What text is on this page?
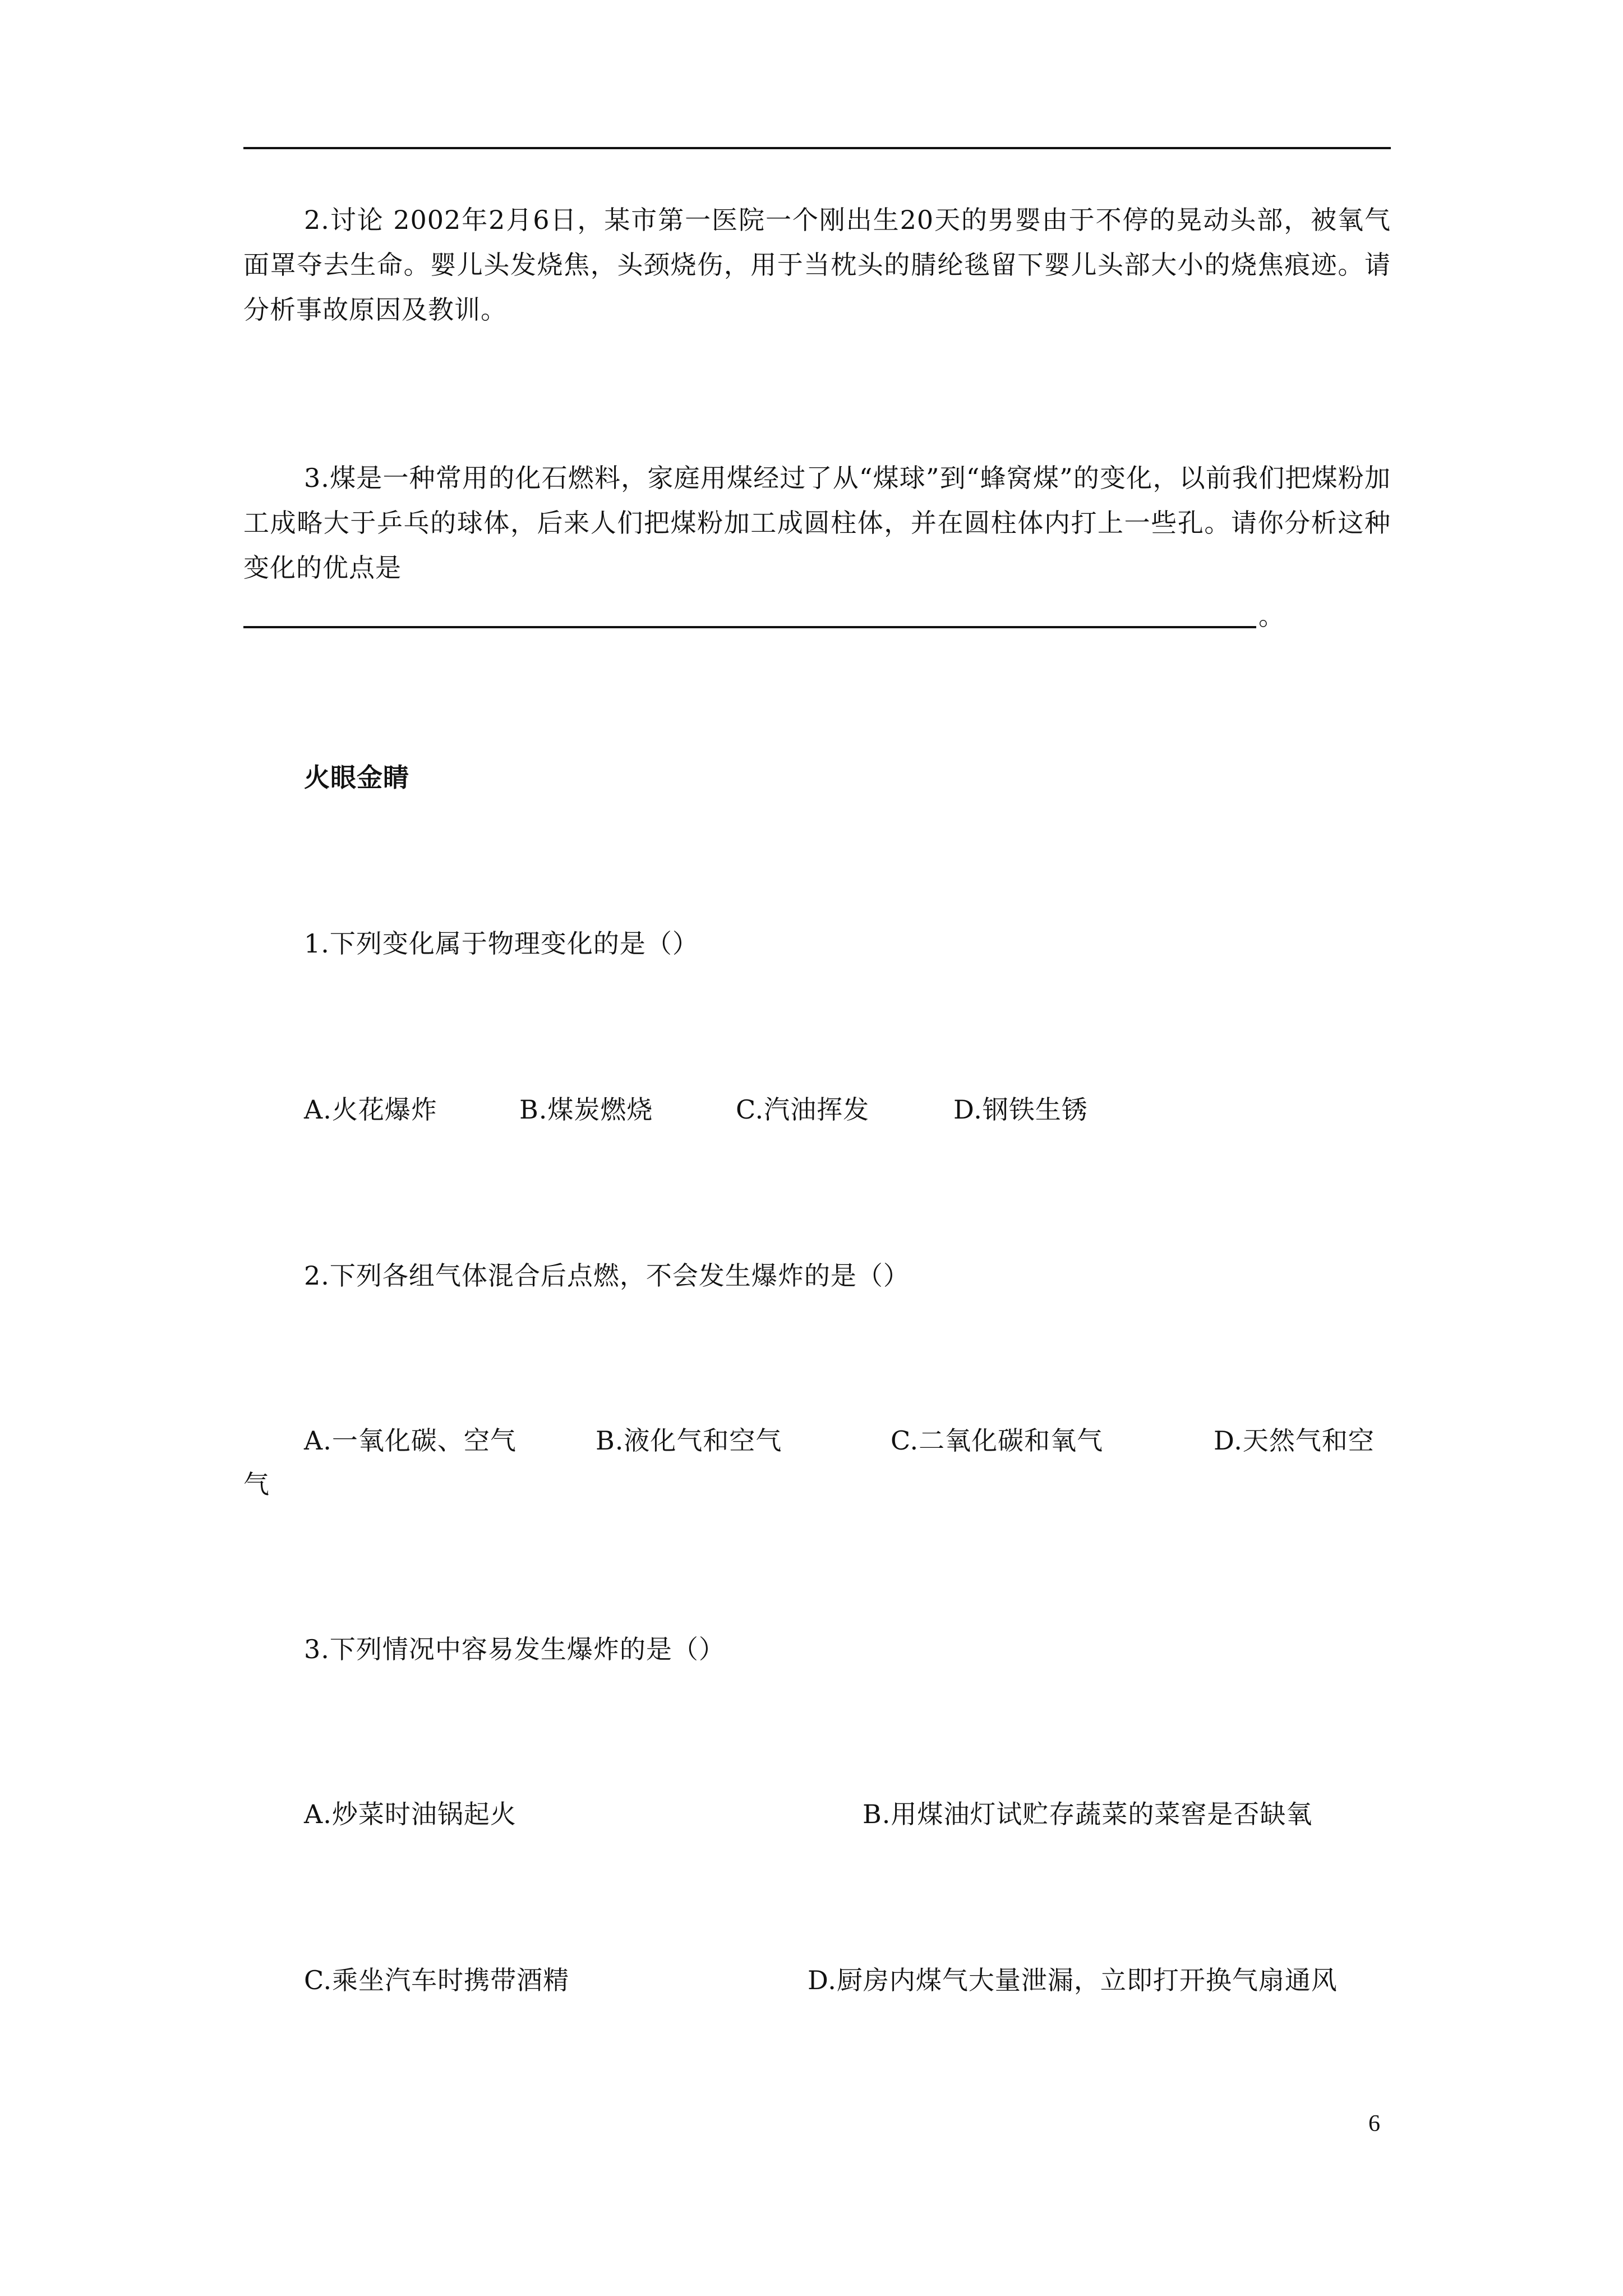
2.讨论 2002年2月6日，某市第一医院一个刚出生20天的男婴由于不停的晃动头部，被氧气面罩夺去生命。婴儿头发烧焦，头颈烧伤，用于当枕头的腈纶毯留下婴儿头部大小的烧焦痕迹。请分析事故原因及教训。

3.煤是一种常用的化石燃料，家庭用煤经过了从“煤球”到“蜂窝煤”的变化，以前我们把煤粉加工成略大于乒乓的球体，后来人们把煤粉加工成圆柱体，并在圆柱体内打上一些孔。请你分析这种变化的优点是

。

火眼金睛

1.下列变化属于物理变化的是（）

A.火花爆炸	B.煤炭燃烧	C.汽油挥发	D.钢铁生锈

2.下列各组气体混合后点燃，不会发生爆炸的是（）

A.一氧化碳、空气	B.液化气和空气	C.二氧化碳和氧气	D.天然气和空
气

3.下列情况中容易发生爆炸的是（）

A.炒菜时油锅起火	B.用煤油灯试贮存蔬菜的菜窖是否缺氧
C.乘坐汽车时携带酒精	D.厨房内煤气大量泄漏，立即打开换气扇通风
6
